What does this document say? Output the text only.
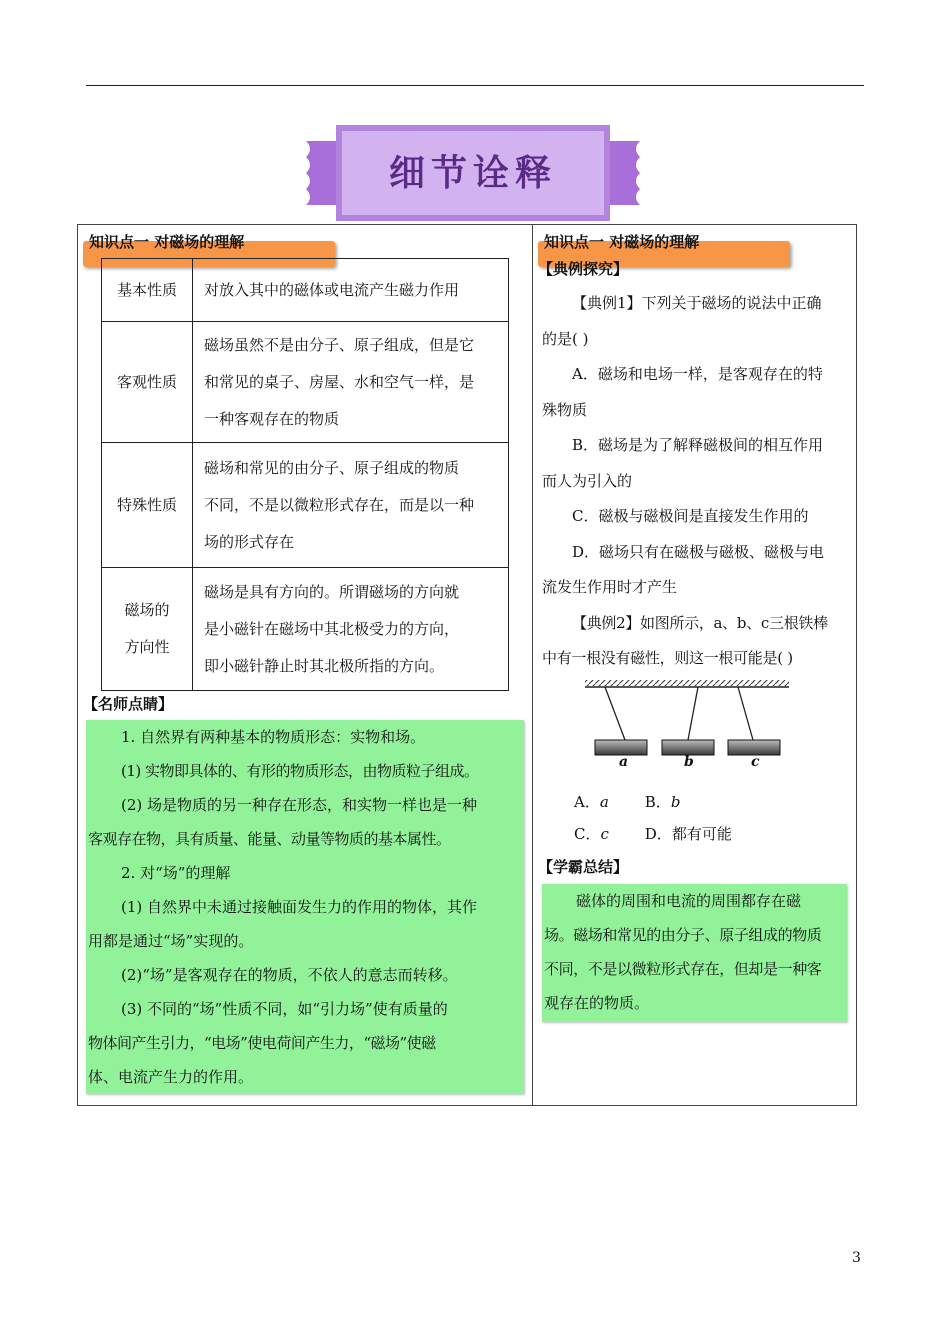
细节诠释
知识点一 对磁场的理解
基本性质	对放入其中的磁体或电流产生磁力作用
客观性质	磁场虽然不是由分子、原子组成，但是它
和常见的桌子、房屋、水和空气一样，是
一种客观存在的物质
特殊性质	磁场和常见的由分子、原子组成的物质
不同，不是以微粒形式存在，而是以一种
场的形式存在
磁场的
方向性	磁场是具有方向的。所谓磁场的方向就
是小磁针在磁场中其北极受力的方向，
即小磁针静止时其北极所指的方向。
【名师点睛】

1. 自然界有两种基本的物质形态：实物和场。

(1) 实物即具体的、有形的物质形态，由物质粒子组成。

(2) 场是物质的另一种存在形态，和实物一样也是一种

客观存在物，具有质量、能量、动量等物质的基本属性。

2. 对“场”的理解

(1) 自然界中未通过接触面发生力的作用的物体，其作

用都是通过“场”实现的。

(2)“场”是客观存在的物质，不依人的意志而转移。

(3) 不同的“场”性质不同，如“引力场”使有质量的

物体间产生引力，“电场”使电荷间产生力，“磁场”使磁

体、电流产生力的作用。

知识点一 对磁场的理解
【典例探究】

【典例1】下列关于磁场的说法中正确

的是( )

A．磁场和电场一样，是客观存在的特

殊物质

B．磁场是为了解释磁极间的相互作用

而人为引入的

C．磁极与磁极间是直接发生作用的

D．磁场只有在磁极与磁极、磁极与电

流发生作用时才产生

【典例2】如图所示，a、b、c三根铁棒

中有一根没有磁性，则这一根可能是( )

a	b	c
A．a B．b
C．c D．都有可能
【学霸总结】

磁体的周围和电流的周围都存在磁

场。磁场和常见的由分子、原子组成的物质

不同，不是以微粒形式存在，但却是一种客

观存在的物质。

3
